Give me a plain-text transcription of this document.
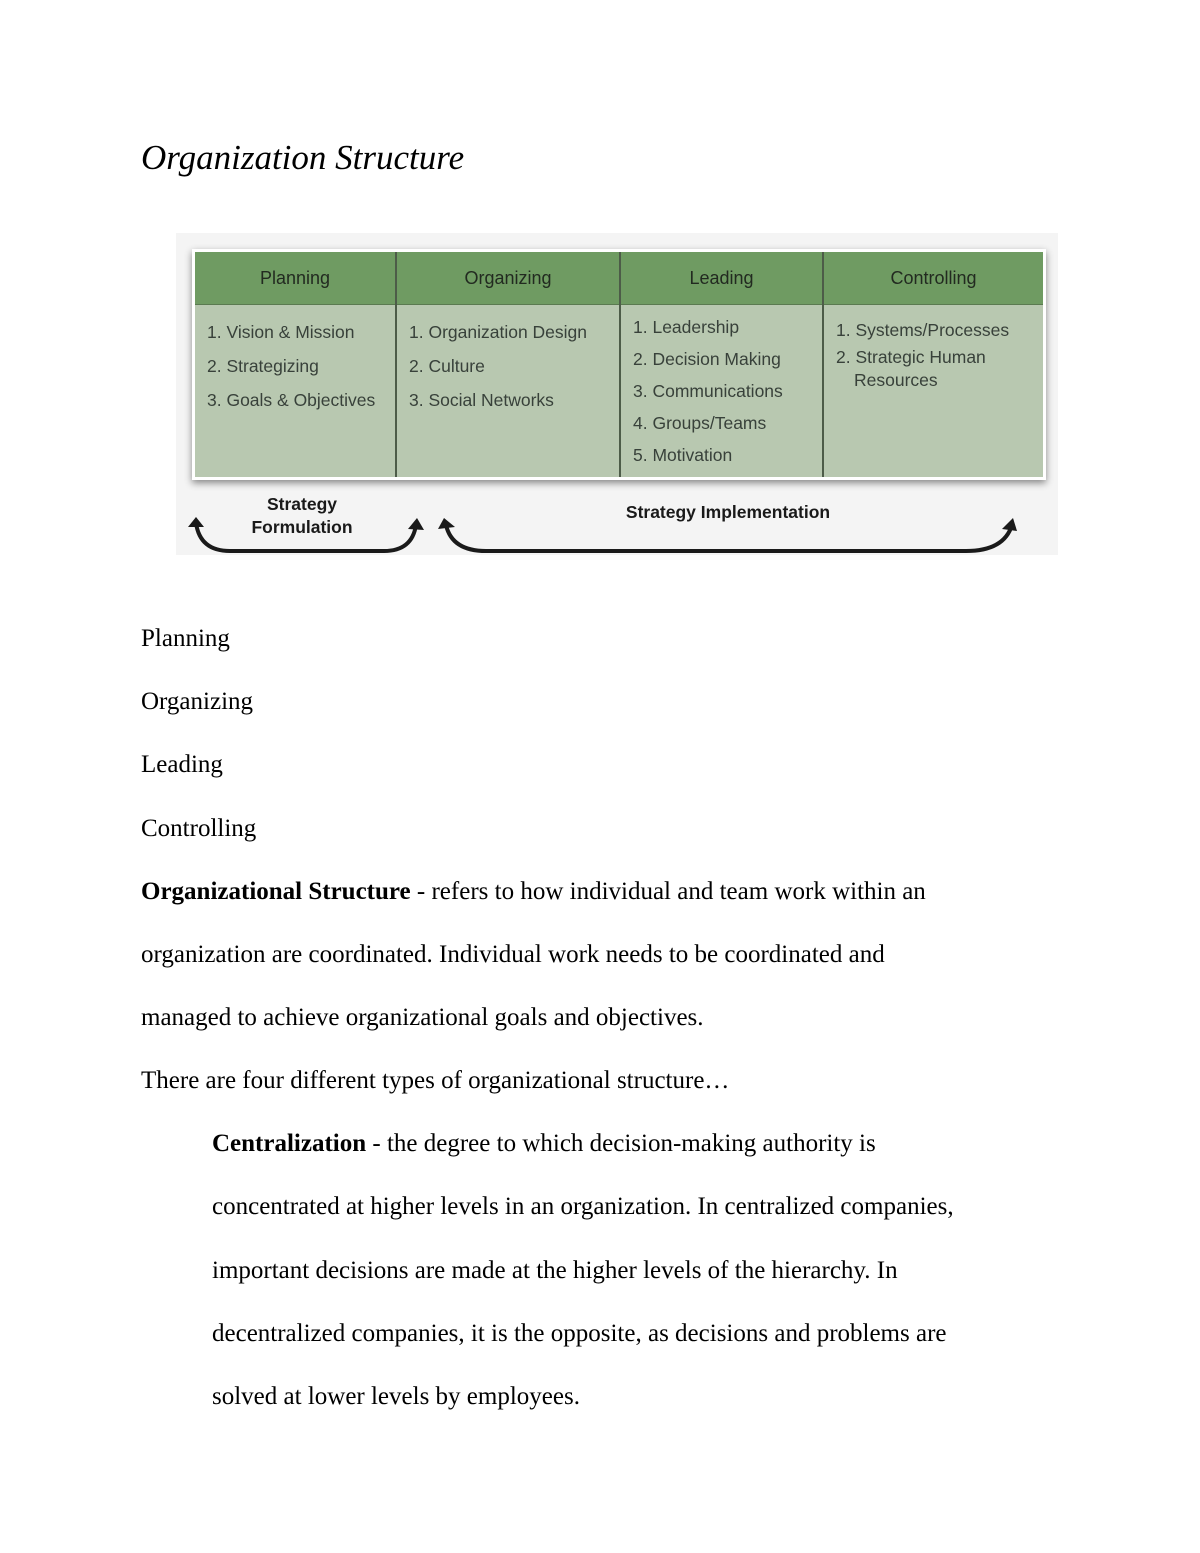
Organization Structure
Planning
1. Vision & Mission
2. Strategizing
3. Goals & Objectives
Organizing
1. Organization Design
2. Culture
3. Social Networks
Leading
1. Leadership
2. Decision Making
3. Communications
4. Groups/Teams
5. Motivation
Controlling
1. Systems/Processes
2. Strategic Human
Resources
Strategy
Formulation
Strategy Implementation
Planning
Organizing
Leading
Controlling
Organizational Structure - refers to how individual and team work within an
organization are coordinated. Individual work needs to be coordinated and
managed to achieve organizational goals and objectives.
There are four different types of organizational structure…
Centralization - the degree to which decision-making authority is
concentrated at higher levels in an organization. In centralized companies,
important decisions are made at the higher levels of the hierarchy. In
decentralized companies, it is the opposite, as decisions and problems are
solved at lower levels by employees.
